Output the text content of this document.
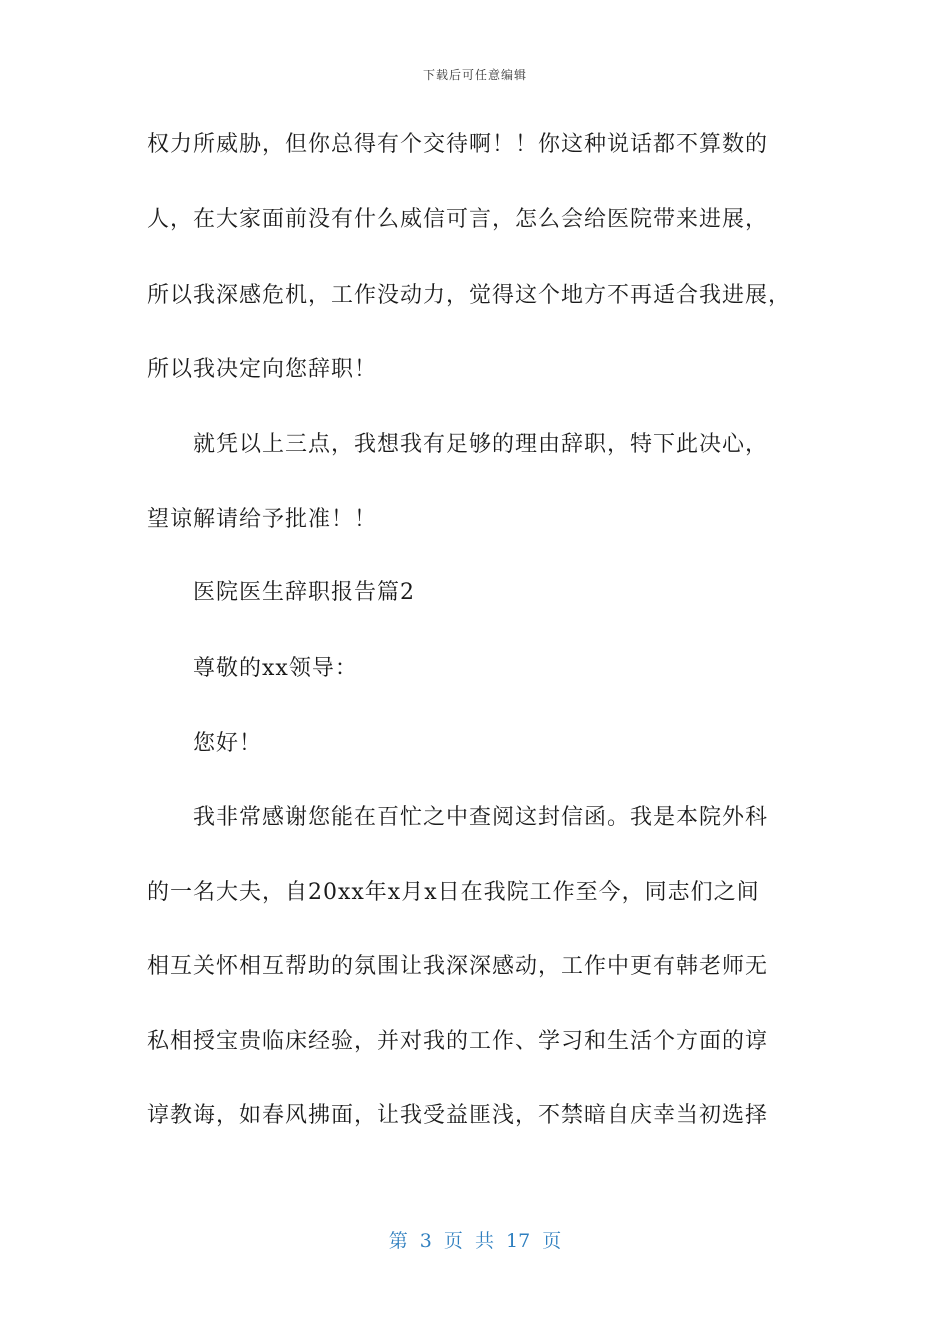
下载后可任意编辑
权力所威胁，但你总得有个交待啊！！你这种说话都不算数的
人，在大家面前没有什么威信可言，怎么会给医院带来进展，
所以我深感危机，工作没动力，觉得这个地方不再适合我进展，
所以我决定向您辞职！
就凭以上三点，我想我有足够的理由辞职，特下此决心，
望谅解请给予批准！！
医院医生辞职报告篇2
尊敬的xx领导：
您好！
我非常感谢您能在百忙之中查阅这封信函。我是本院外科
的一名大夫，自20xx年x月x日在我院工作至今，同志们之间
相互关怀相互帮助的氛围让我深深感动，工作中更有韩老师无
私相授宝贵临床经验，并对我的工作、学习和生活个方面的谆
谆教诲，如春风拂面，让我受益匪浅，不禁暗自庆幸当初选择
第 3 页 共 17 页
